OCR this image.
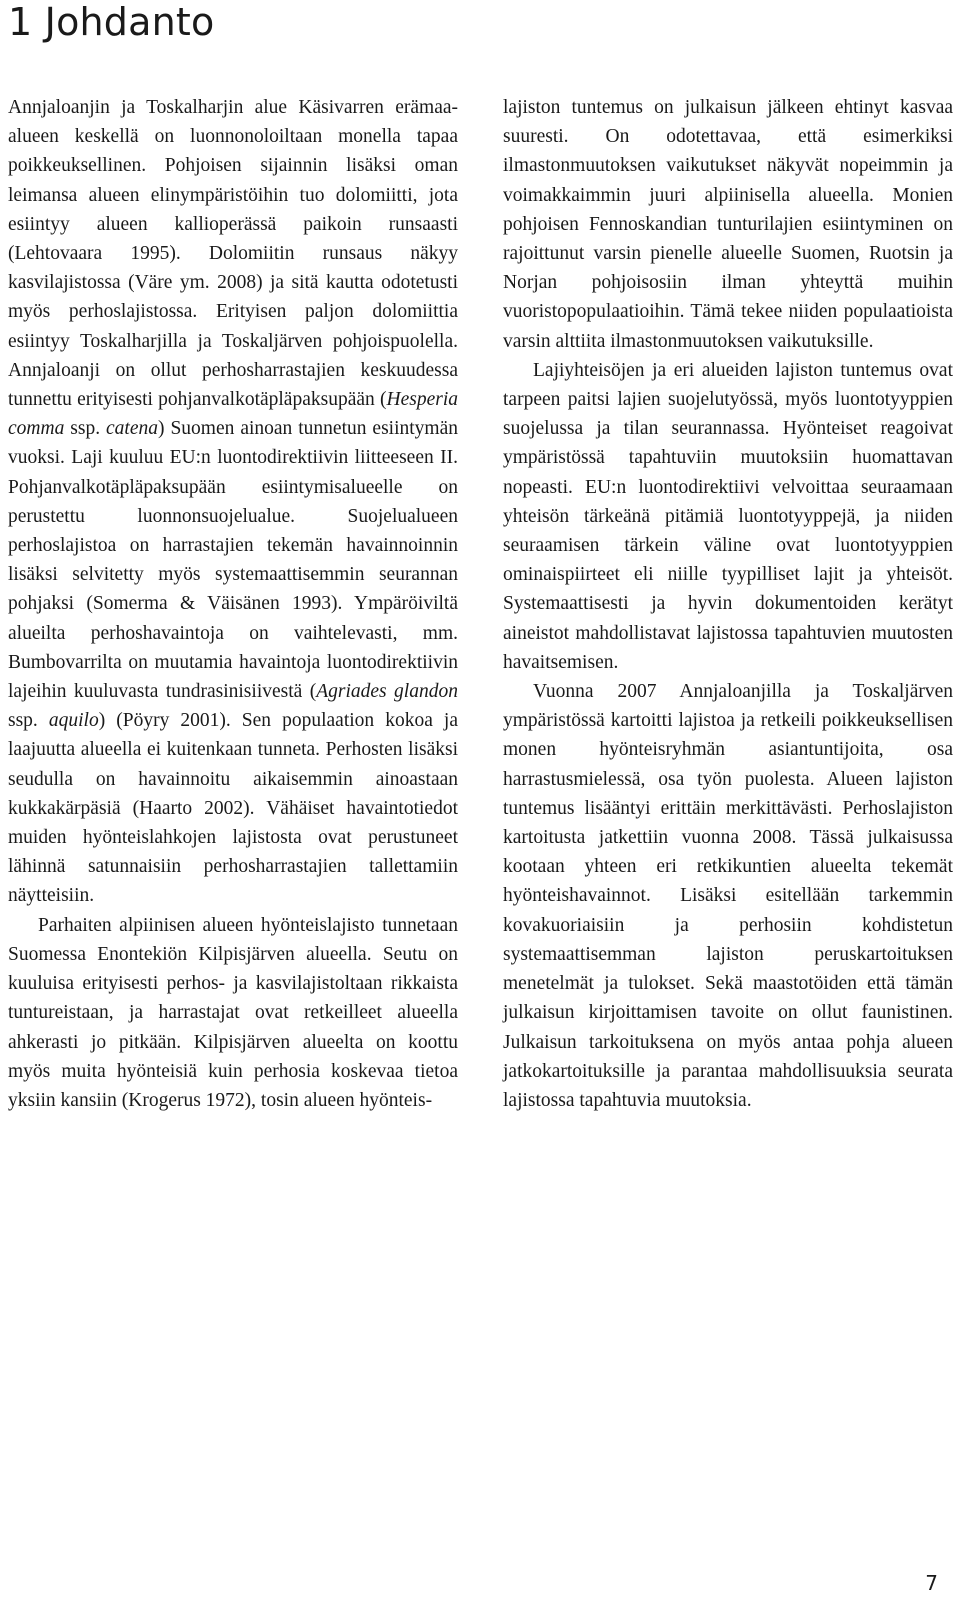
1 Johdanto

Annjaloanjin ja Toskalharjin alue Käsivarren erämaa-alueen keskellä on luonnonoloiltaan monella tapaa poikkeuksellinen. Pohjoisen sijainnin lisäksi oman leimansa alueen elinympäristöihin tuo dolomiitti, jota esiintyy alueen kallioperässä paikoin runsaasti (Lehtovaara 1995). Dolomiitin runsaus näkyy kasvilajistossa (Väre ym. 2008) ja sitä kautta odotetusti myös perhoslajistossa. Erityisen paljon dolomiittia esiintyy Toskalharjilla ja Toskaljärven pohjoispuolella. Annjaloanji on ollut perhosharrastajien keskuudessa tunnettu erityisesti pohjanvalkotäpläpaksupään (Hesperia comma ssp. catena) Suomen ainoan tunnetun esiintymän vuoksi. Laji kuuluu EU:n luontodirektiivin liitteeseen II. Pohjanvalkotäpläpaksupään esiintymisalueelle on perustettu luonnonsuojelualue. Suojelualueen perhoslajistoa on harrastajien tekemän havainnoinnin lisäksi selvitetty myös systemaattisemmin seurannan pohjaksi (Somerma & Väisänen 1993). Ympäröiviltä alueilta perhoshavaintoja on vaihtelevasti, mm. Bumbovarrilta on muutamia havaintoja luontodirektiivin lajeihin kuuluvasta tundrasinisiivestä (Agriades glandon ssp. aquilo) (Pöyry 2001). Sen populaation kokoa ja laajuutta alueella ei kuitenkaan tunneta. Perhosten lisäksi seudulla on havainnoitu aikaisemmin ainoastaan kukkakärpäsiä (Haarto 2002). Vähäiset havaintotiedot muiden hyönteislahkojen lajistosta ovat perustuneet lähinnä satunnaisiin perhosharrastajien tallettamiin näytteisiin.

Parhaiten alpiinisen alueen hyönteislajisto tunnetaan Suomessa Enontekiön Kilpisjärven alueella. Seutu on kuuluisa erityisesti perhos- ja kasvilajistoltaan rikkaista tuntureistaan, ja harrastajat ovat retkeilleet alueella ahkerasti jo pitkään. Kilpisjärven alueelta on koottu myös muita hyönteisiä kuin perhosia koskevaa tietoa yksiin kansiin (Krogerus 1972), tosin alueen hyönteis-

lajiston tuntemus on julkaisun jälkeen ehtinyt kasvaa suuresti. On odotettavaa, että esimerkiksi ilmastonmuutoksen vaikutukset näkyvät nopeimmin ja voimakkaimmin juuri alpiinisella alueella. Monien pohjoisen Fennoskandian tunturilajien esiintyminen on rajoittunut varsin pienelle alueelle Suomen, Ruotsin ja Norjan pohjoisosiin ilman yhteyttä muihin vuoristopopulaatioihin. Tämä tekee niiden populaatioista varsin alttiita ilmastonmuutoksen vaikutuksille.

Lajiyhteisöjen ja eri alueiden lajiston tuntemus ovat tarpeen paitsi lajien suojelutyössä, myös luontotyyppien suojelussa ja tilan seurannassa. Hyönteiset reagoivat ympäristössä tapahtuviin muutoksiin huomattavan nopeasti. EU:n luontodirektiivi velvoittaa seuraamaan yhteisön tärkeänä pitämiä luontotyyppejä, ja niiden seuraamisen tärkein väline ovat luontotyyppien ominaispiirteet eli niille tyypilliset lajit ja yhteisöt. Systemaattisesti ja hyvin dokumentoiden kerätyt aineistot mahdollistavat lajistossa tapahtuvien muutosten havaitsemisen.

Vuonna 2007 Annjaloanjilla ja Toskaljärven ympäristössä kartoitti lajistoa ja retkeili poikkeuksellisen monen hyönteisryhmän asiantuntijoita, osa harrastusmielessä, osa työn puolesta. Alueen lajiston tuntemus lisääntyi erittäin merkittävästi. Perhoslajiston kartoitusta jatkettiin vuonna 2008. Tässä julkaisussa kootaan yhteen eri retkikuntien alueelta tekemät hyönteishavainnot. Lisäksi esitellään tarkemmin kovakuoriaisiin ja perhosiin kohdistetun systemaattisemman lajiston peruskartoituksen menetelmät ja tulokset. Sekä maastotöiden että tämän julkaisun kirjoittamisen tavoite on ollut faunistinen. Julkaisun tarkoituksena on myös antaa pohja alueen jatkokartoituksille ja parantaa mahdollisuuksia seurata lajistossa tapahtuvia muutoksia.

7
